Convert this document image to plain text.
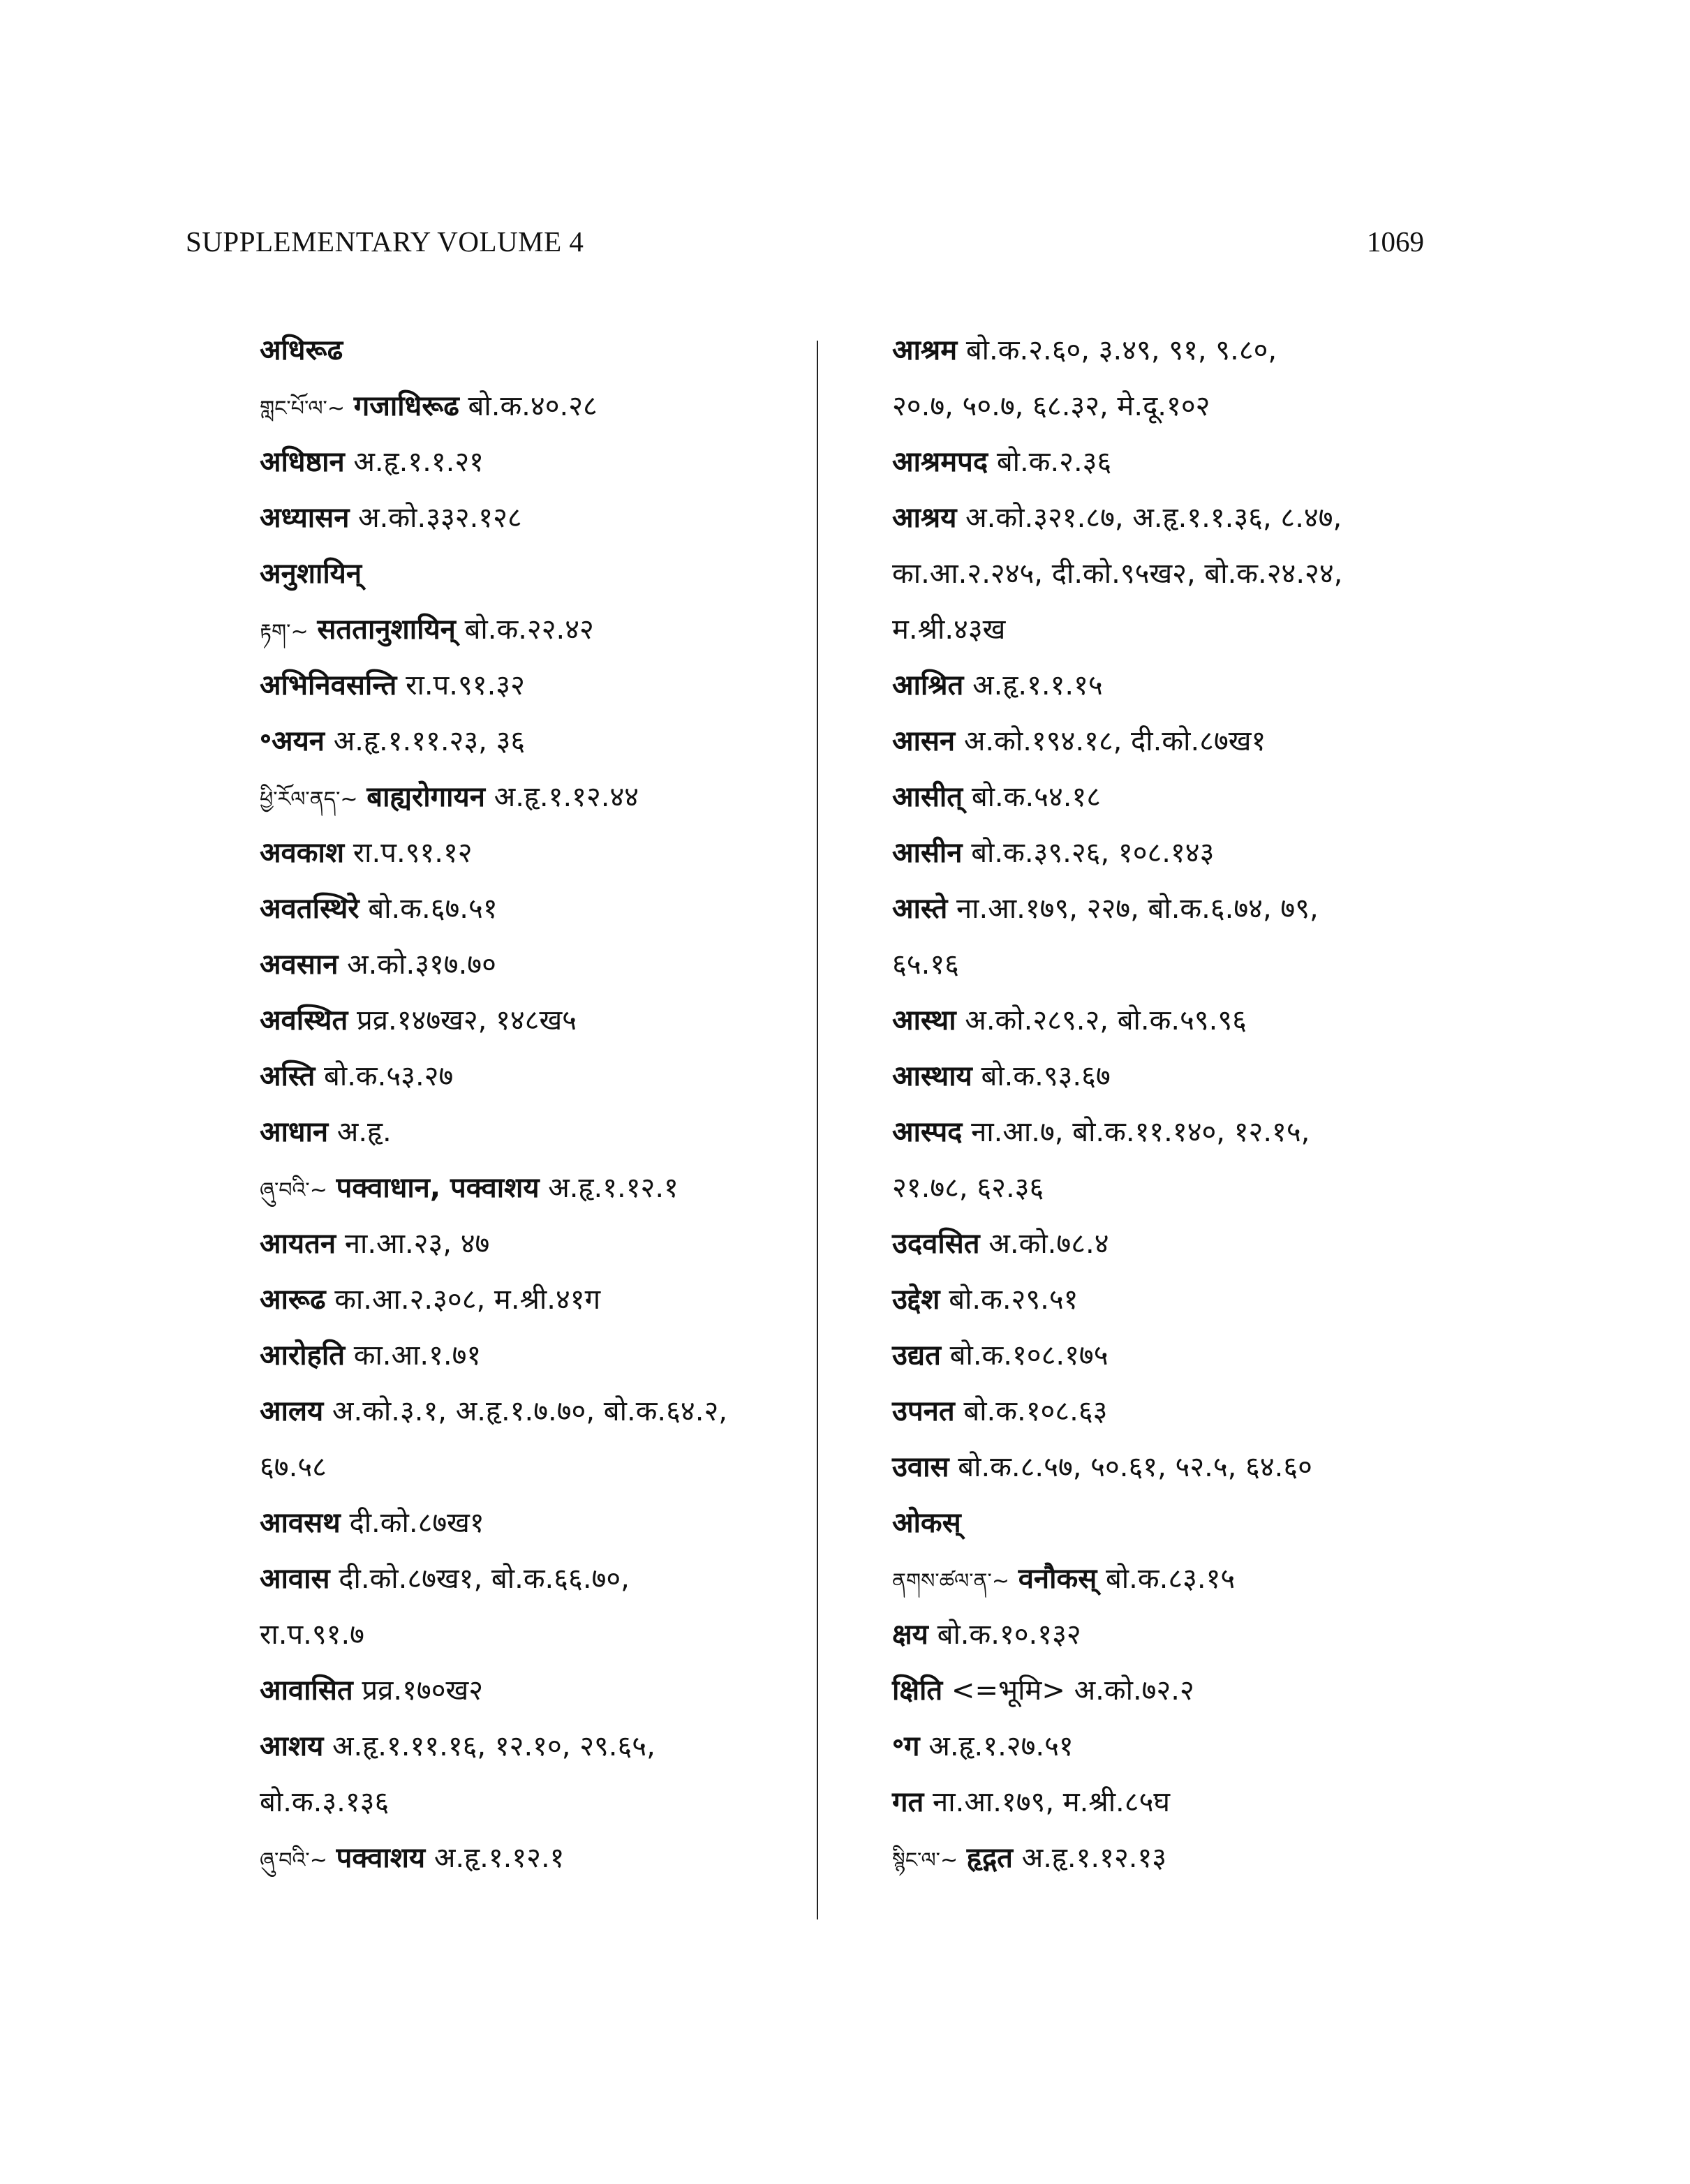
SUPPLEMENTARY VOLUME 4	1069
अधिरूढ
གླང་པོ་ལ་~ गजाधिरूढ बो.क.४०.२८
अधिष्ठान अ.हृ.१.१.२१
अध्यासन अ.को.३३२.१२८
अनुशायिन्
རྟག་~ सततानुशायिन् बो.क.२२.४२
अभिनिवसन्ति रा.प.९१.३२
॰अयन अ.हृ.१.११.२३, ३६
ཕྱི་རོལ་ནད་~ बाह्यरोगायन अ.हृ.१.१२.४४
अवकाश रा.प.९१.१२
अवतस्थिरे बो.क.६७.५१
अवसान अ.को.३१७.७०
अवस्थित प्रव्र.१४७ख२, १४८ख५
अस्ति बो.क.५३.२७
आधान अ.हृ.
ཞུ་བའི་~ पक्वाधान, पक्वाशय अ.हृ.१.१२.१
आयतन ना.आ.२३, ४७
आरूढ का.आ.२.३०८, म.श्री.४१ग
आरोहति का.आ.१.७१
आलय अ.को.३.१, अ.हृ.१.७.७०, बो.क.६४.२,
६७.५८
आवसथ दी.को.८७ख१
आवास दी.को.८७ख१, बो.क.६६.७०,
रा.प.९१.७
आवासित प्रव्र.१७०ख२
आशय अ.हृ.१.११.१६, १२.१०, २९.६५,
बो.क.३.१३६
ཞུ་བའི་~ पक्वाशय अ.हृ.१.१२.१
आश्रम बो.क.२.६०, ३.४९, ९१, ९.८०,
२०.७, ५०.७, ६८.३२, मे.दू.१०२
आश्रमपद बो.क.२.३६
आश्रय अ.को.३२१.८७, अ.हृ.१.१.३६, ८.४७,
का.आ.२.२४५, दी.को.९५ख२, बो.क.२४.२४,
म.श्री.४३ख
आश्रित अ.हृ.१.१.१५
आसन अ.को.१९४.१८, दी.को.८७ख१
आसीत् बो.क.५४.१८
आसीन बो.क.३९.२६, १०८.१४३
आस्ते ना.आ.१७९, २२७, बो.क.६.७४, ७९,
६५.१६
आस्था अ.को.२८९.२, बो.क.५९.९६
आस्थाय बो.क.९३.६७
आस्पद ना.आ.७, बो.क.११.१४०, १२.१५,
२१.७८, ६२.३६
उदवसित अ.को.७८.४
उद्देश बो.क.२९.५१
उद्यत बो.क.१०८.१७५
उपनत बो.क.१०८.६३
उवास बो.क.८.५७, ५०.६१, ५२.५, ६४.६०
ओकस्
ནགས་ཚལ་ན་~ वनौकस् बो.क.८३.१५
क्षय बो.क.१०.१३२
क्षिति <=भूमि> अ.को.७२.२
॰ग अ.हृ.१.२७.५१
गत ना.आ.१७९, म.श्री.८५घ
སྙིང་ལ་~ हृद्गत अ.हृ.१.१२.१३
